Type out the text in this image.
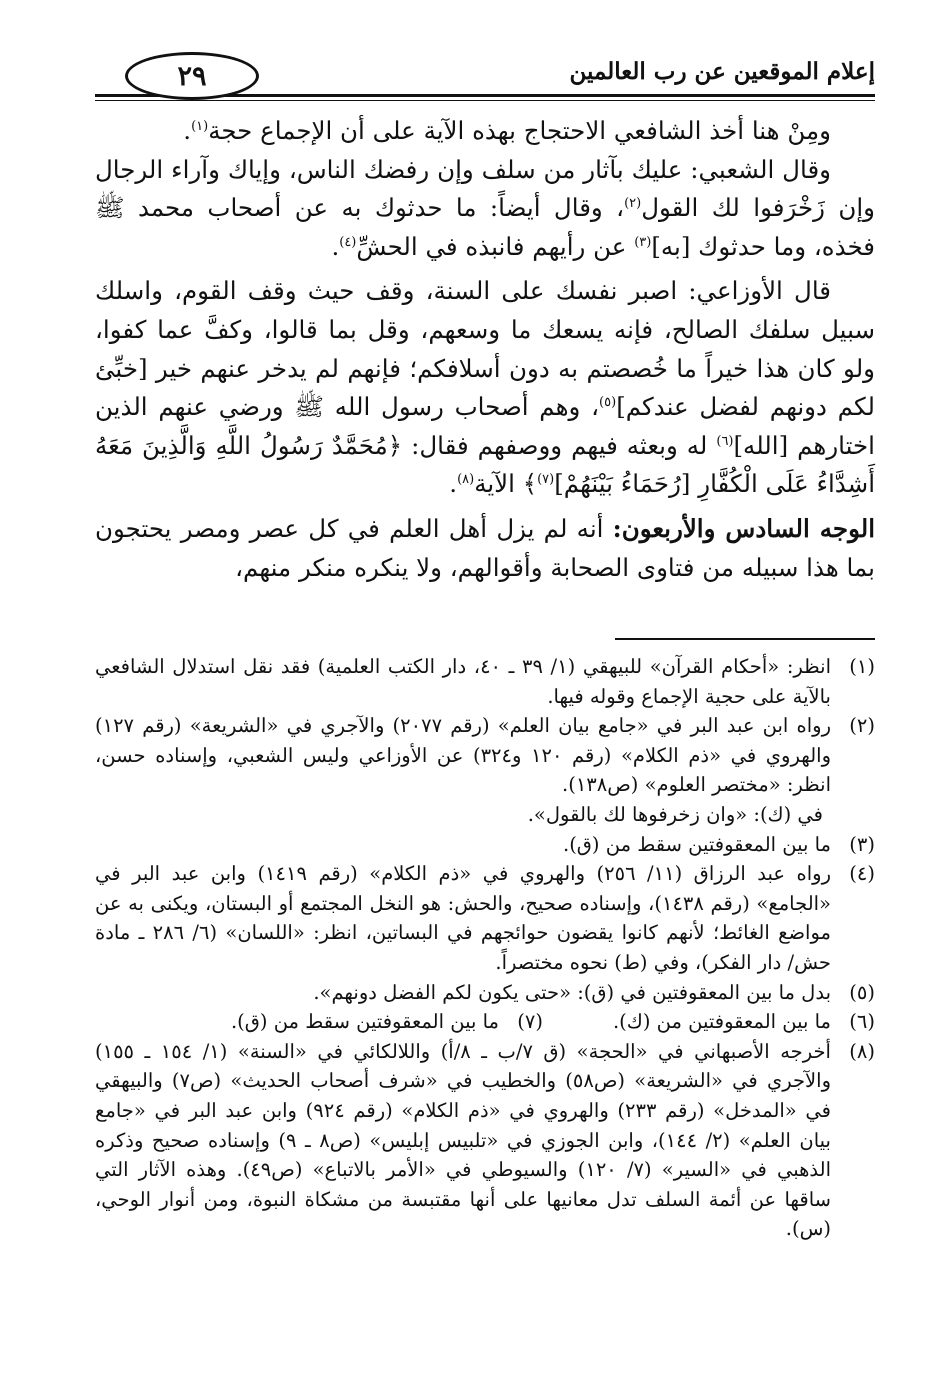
إعلام الموقعين عن رب العالمين
٢٩

ومِنْ هنا أخذ الشافعي الاحتجاج بهذه الآية على أن الإجماع حجة$^{(١)}$.

وقال الشعبي: عليك بآثار من سلف وإن رفضك الناس، وإياك وآراء الرجال وإن زَخْرَفوا لك القول$^{(٢)}$، وقال أيضاً: ما حدثوك به عن أصحاب محمد ﷺ فخذه، وما حدثوك [به]$^{(٣)}$ عن رأيهم فانبذه في الحشِّ$^{(٤)}$.

قال الأوزاعي: اصبر نفسك على السنة، وقف حيث وقف القوم، واسلك سبيل سلفك الصالح، فإنه يسعك ما وسعهم، وقل بما قالوا، وكفَّ عما كفوا، ولو كان هذا خيراً ما خُصصتم به دون أسلافكم؛ فإنهم لم يدخر عنهم خير [خبِّئ لكم دونهم لفضل عندكم]$^{(٥)}$، وهم أصحاب رسول الله ﷺ ورضي عنهم الذين اختارهم [الله]$^{(٦)}$ له وبعثه فيهم ووصفهم فقال: ﴿مُحَمَّدٌ رَسُولُ اللَّهِ وَالَّذِينَ مَعَهُ أَشِدَّاءُ عَلَى الْكُفَّارِ [رُحَمَاءُ بَيْنَهُمْ]$^{(٧)}$﴾ الآية$^{(٨)}$.

الوجه السادس والأربعون: أنه لم يزل أهل العلم في كل عصر ومصر يحتجون بما هذا سبيله من فتاوى الصحابة وأقوالهم، ولا ينكره منكر منهم،

(١)
انظر: «أحكام القرآن» للبيهقي (١/ ٣٩ ـ ٤٠، دار الكتب العلمية) فقد نقل استدلال الشافعي بالآية على حجية الإجماع وقوله فيها.
(٢)
رواه ابن عبد البر في «جامع بيان العلم» (رقم ٢٠٧٧) والآجري في «الشريعة» (رقم ١٢٧) والهروي في «ذم الكلام» (رقم ١٢٠ و٣٢٤) عن الأوزاعي وليس الشعبي، وإسناده حسن، انظر: «مختصر العلوم» (ص١٣٨).
في (ك): «وان زخرفوها لك بالقول».
(٣)
ما بين المعقوفتين سقط من (ق).
(٤)
رواه عبد الرزاق (١١/ ٢٥٦) والهروي في «ذم الكلام» (رقم ١٤١٩) وابن عبد البر في «الجامع» (رقم ١٤٣٨)، وإسناده صحيح، والحش: هو النخل المجتمع أو البستان، ويكنى به عن مواضع الغائط؛ لأنهم كانوا يقضون حوائجهم في البساتين، انظر: «اللسان» (٦/ ٢٨٦ ـ مادة حش/ دار الفكر)، وفي (ط) نحوه مختصراً.
(٥)
بدل ما بين المعقوفتين في (ق): «حتى يكون لكم الفضل دونهم».
(٦)
ما بين المعقوفتين من (ك).
(٧)
ما بين المعقوفتين سقط من (ق).
(٨)
أخرجه الأصبهاني في «الحجة» (ق ٧/ب ـ ٨/أ) واللالكائي في «السنة» (١/ ١٥٤ ـ ١٥٥) والآجري في «الشريعة» (ص٥٨) والخطيب في «شرف أصحاب الحديث» (ص٧) والبيهقي في «المدخل» (رقم ٢٣٣) والهروي في «ذم الكلام» (رقم ٩٢٤) وابن عبد البر في «جامع بيان العلم» (٢/ ١٤٤)، وابن الجوزي في «تلبيس إبليس» (ص٨ ـ ٩) وإسناده صحيح وذكره الذهبي في «السير» (٧/ ١٢٠) والسيوطي في «الأمر بالاتباع» (ص٤٩). وهذه الآثار التي ساقها عن أئمة السلف تدل معانيها على أنها مقتبسة من مشكاة النبوة، ومن أنوار الوحي، (س).
